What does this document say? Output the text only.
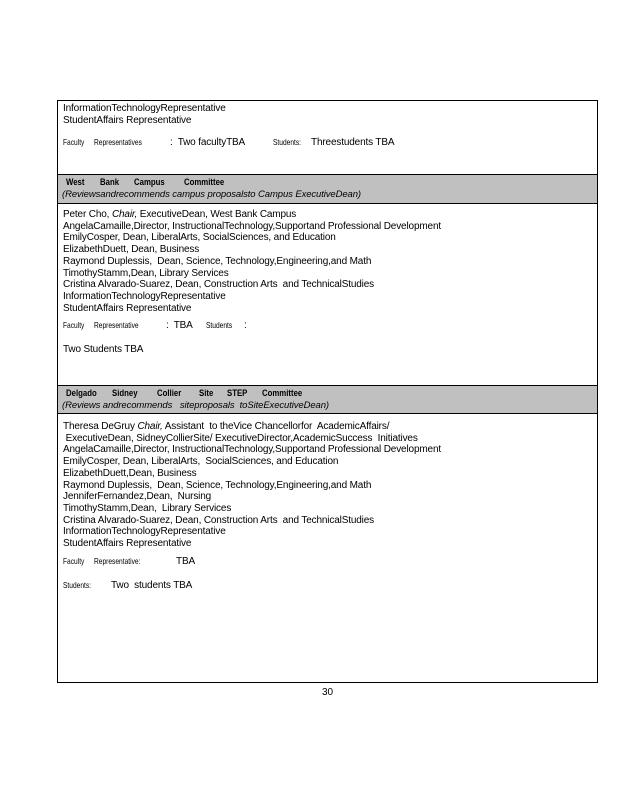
InformationTechnologyRepresentative
StudentAffairs Representative
Faculty Representatives	:  Two facultyTBA	Students: Threestudents TBA
West Bank Campus Committee
(Reviewsandrecommends campus proposalsto Campus ExecutiveDean)
Peter Cho, Chair, ExecutiveDean, West Bank Campus
AngelaCamaille,Director, InstructionalTechnology,Supportand Professional Development
EmilyCosper, Dean, LiberalArts, SocialSciences, and Education
ElizabethDuett, Dean, Business
Raymond Duplessis,  Dean, Science, Technology,Engineering,and Math
TimothyStamm,Dean, Library Services
Cristina Alvarado-Suarez, Dean, Construction Arts  and TechnicalStudies
InformationTechnologyRepresentative
StudentAffairs Representative
Faculty Representative	:  TBA Students :
Two Students TBA
Delgado Sidney Collier Site STEP Committee
(Reviews andrecommends   siteproposals  toSiteExecutiveDean)
Theresa DeGruy Chair, Assistant  to theVice Chancellorfor  AcademicAffairs/
ExecutiveDean, SidneyCollierSite/ ExecutiveDirector,AcademicSuccess  Initiatives
AngelaCamaille,Director, InstructionalTechnology,Supportand Professional Development
EmilyCosper, Dean, LiberalArts,  SocialSciences, and Education
ElizabethDuett,Dean, Business
Raymond Duplessis,  Dean, Science, Technology,Engineering,and Math
JenniferFernandez,Dean,  Nursing
TimothyStamm,Dean,  Library Services
Cristina Alvarado-Suarez, Dean, Construction Arts  and TechnicalStudies
InformationTechnologyRepresentative
StudentAffairs Representative
Faculty Representative:	TBA
Students: Two  students TBA
30
